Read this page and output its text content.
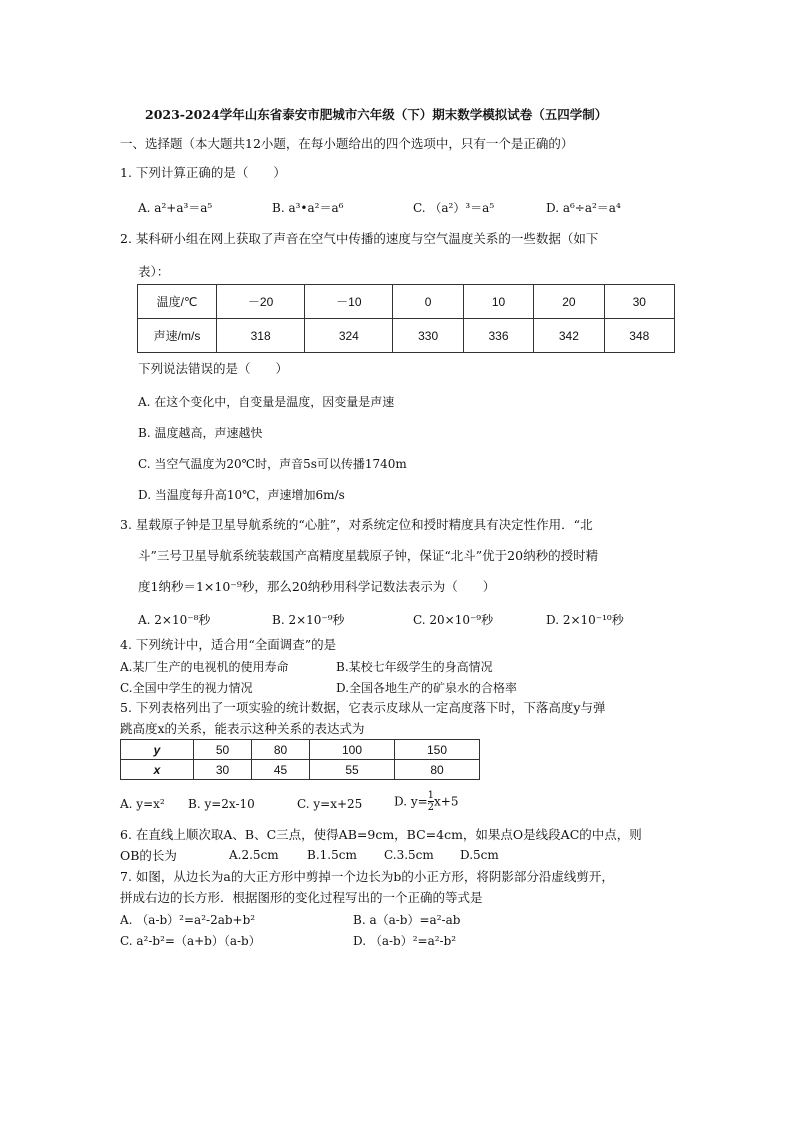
2023-2024学年山东省泰安市肥城市六年级（下）期末数学模拟试卷（五四学制）
一、选择题（本大题共12小题，在每小题给出的四个选项中，只有一个是正确的）
1. 下列计算正确的是（　　）
A. a²+a³＝a⁵	B. a³•a²＝a⁶	C. （a²）³＝a⁵	D. a⁶÷a²＝a⁴
2. 某科研小组在网上获取了声音在空气中传播的速度与空气温度关系的一些数据（如下
表）：
温度/℃	－20	－10	0	10	20	30
声速/m/s	318	324	330	336	342	348
下列说法错误的是（　　）
A. 在这个变化中，自变量是温度，因变量是声速
B. 温度越高，声速越快
C. 当空气温度为20℃时，声音5s可以传播1740m
D. 当温度每升高10℃，声速增加6m/s
3. 星载原子钟是卫星导航系统的“心脏”，对系统定位和授时精度具有决定性作用．“北
斗”三号卫星导航系统装载国产高精度星载原子钟，保证“北斗”优于20纳秒的授时精
度1纳秒＝1×10⁻⁹秒，那么20纳秒用科学记数法表示为（　　）
A. 2×10⁻⁸秒	B. 2×10⁻⁹秒	C. 20×10⁻⁹秒	D. 2×10⁻¹⁰秒
4. 下列统计中，适合用“全面调查”的是
A.某厂生产的电视机的使用寿命	B.某校七年级学生的身高情况
C.全国中学生的视力情况	D.全国各地生产的矿泉水的合格率
5. 下列表格列出了一项实验的统计数据，它表示皮球从一定高度落下时，下落高度y与弹
跳高度x的关系，能表示这种关系的表达式为
y	50	80	100	150
x	30	45	55	80
A. y=x² B. y=2x-10	C. y=x+25	D. $y= \frac{1}{2} x+5$
6. 在直线上顺次取A、B、C三点，使得AB=9cm，BC=4cm，如果点O是线段AC的中点，则
OB的长为	A.2.5cm B.1.5cm C.3.5cm D.5cm
7. 如图，从边长为a的大正方形中剪掉一个边长为b的小正方形，将阴影部分沿虚线剪开，
拼成右边的长方形．根据图形的变化过程写出的一个正确的等式是
A. （a-b）²=a²-2ab+b²	B. a（a-b）=a²-ab
C. a²-b²=（a+b）（a-b）	D. （a-b）²=a²-b²
